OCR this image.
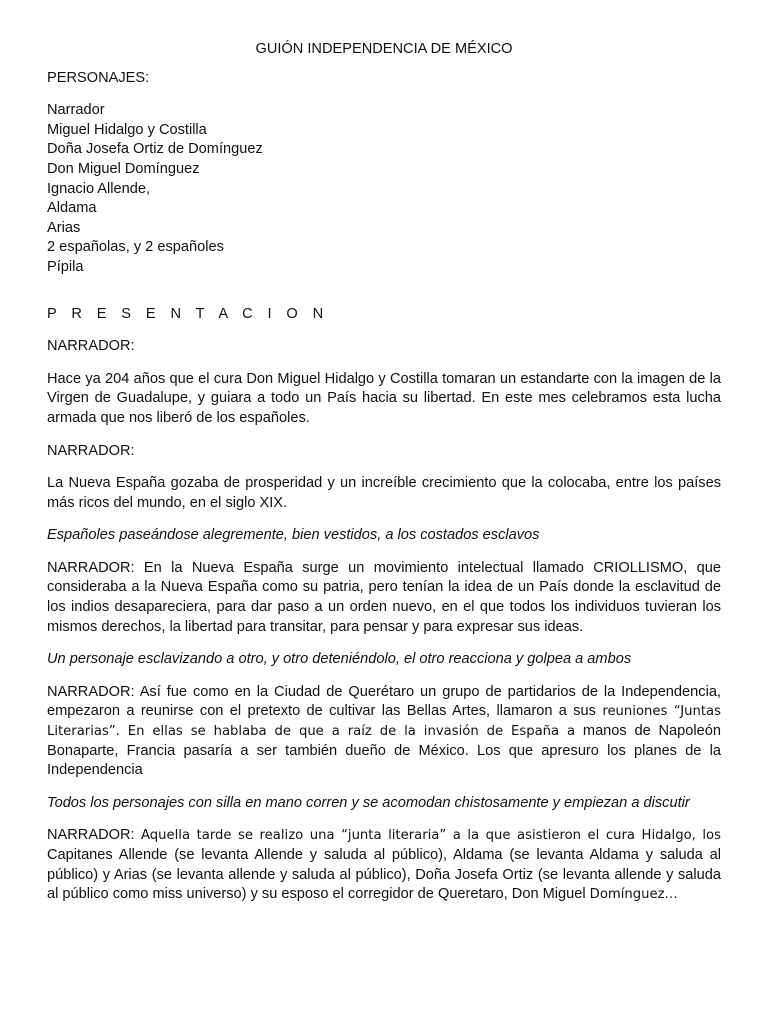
GUIÓN INDEPENDENCIA DE MÉXICO

PERSONAJES:

Narrador
Miguel Hidalgo y Costilla
Doña Josefa Ortiz de Domínguez
Don Miguel Domínguez
Ignacio Allende,
Aldama
Arias
2 españolas, y 2 españoles
Pípila

P R E S E N T A C I O N

NARRADOR:

Hace ya 204 años que el cura Don Miguel Hidalgo y Costilla tomaran un estandarte con la imagen de la Virgen de Guadalupe, y guiara a todo un País hacia su libertad. En este mes celebramos esta lucha armada que nos liberó de los españoles.

NARRADOR:

La Nueva España gozaba de prosperidad y un increíble crecimiento que la colocaba, entre los países más ricos del mundo, en el siglo XIX.

Españoles paseándose alegremente, bien vestidos, a los costados esclavos

NARRADOR: En la Nueva España surge un movimiento intelectual llamado CRIOLLISMO, que consideraba a la Nueva España como su patria, pero tenían la idea de un País donde la esclavitud de los indios desapareciera, para dar paso a un orden nuevo, en el que todos los individuos tuvieran los mismos derechos, la libertad para transitar, para pensar y para expresar sus ideas.

Un personaje esclavizando a otro, y otro deteniéndolo, el otro reacciona y golpea a ambos

NARRADOR: Así fue como en la Ciudad de Querétaro un grupo de partidarios de la Independencia, empezaron a reunirse con el pretexto de cultivar las Bellas Artes, llamaron a sus reuniones “Juntas Literarias”. En ellas se hablaba de que a raíz de la invasión de España a manos de Napoleón Bonaparte, Francia pasaría a ser también dueño de México. Los que apresuro los planes de la Independencia

Todos los personajes con silla en mano corren y se acomodan chistosamente y empiezan a discutir

NARRADOR: Aquella tarde se realizo una “junta literaria” a la que asistieron el cura Hidalgo, los Capitanes Allende (se levanta Allende y saluda al público), Aldama (se levanta Aldama y saluda al público) y Arias (se levanta allende y saluda al público), Doña Josefa Ortiz (se levanta allende y saluda al público como miss universo) y su esposo el corregidor de Queretaro, Don Miguel Domínguez…
